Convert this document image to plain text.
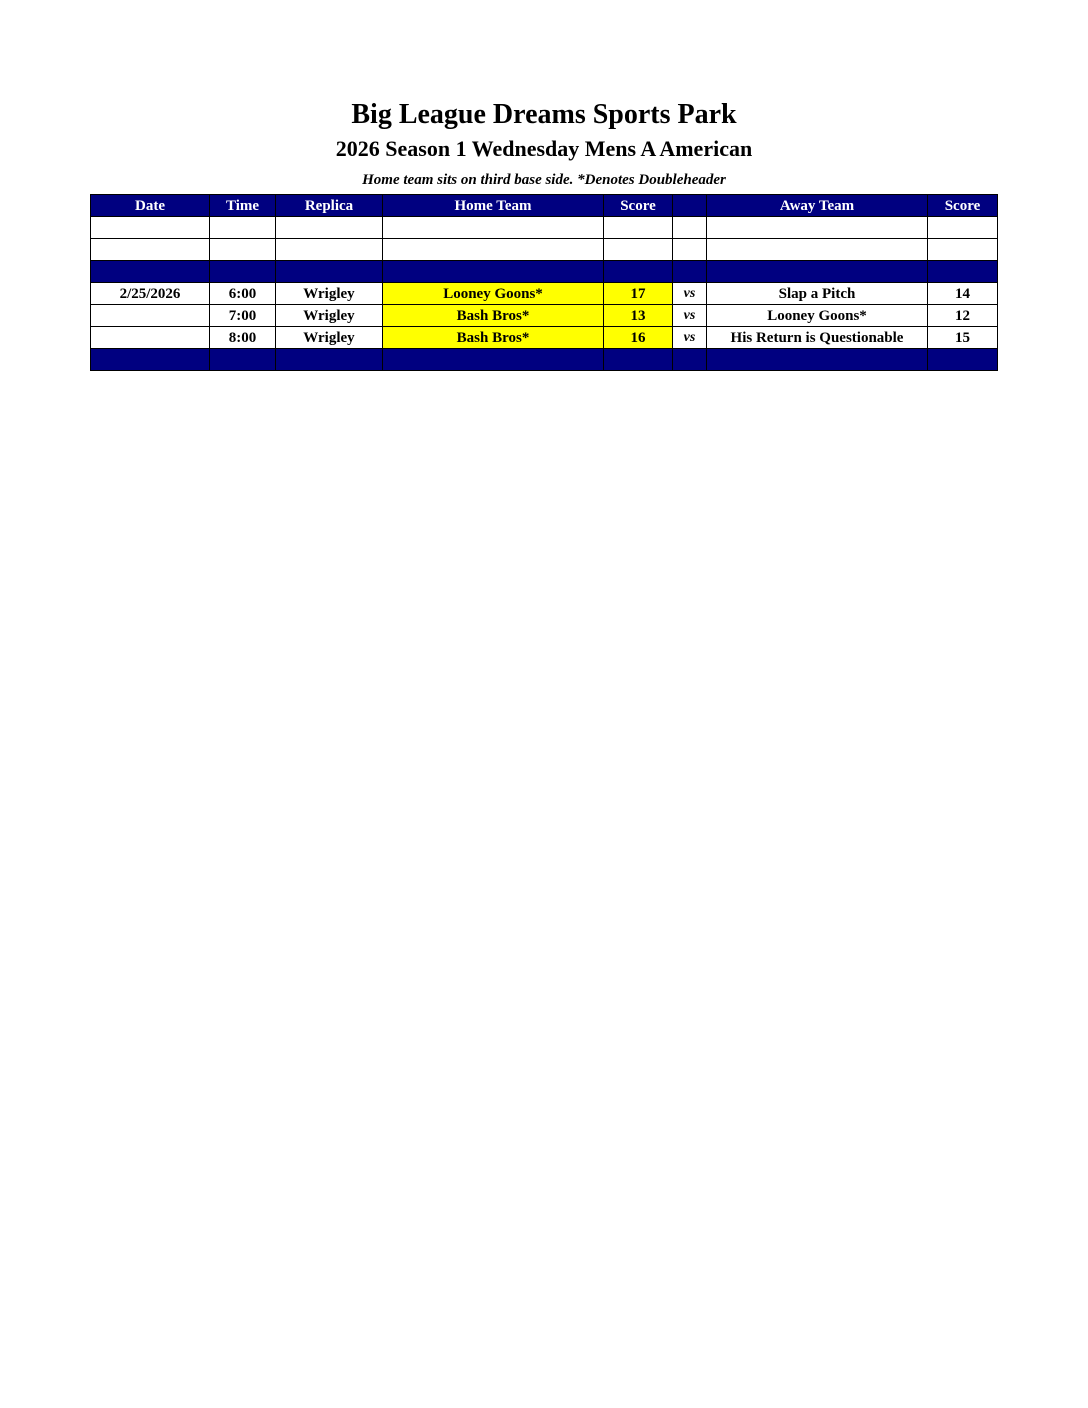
Big League Dreams Sports Park
2026 Season 1 Wednesday Mens A American
Home team sits on third base side. *Denotes Doubleheader
Date	Time	Replica	Home Team	Score		Away Team	Score

2/25/2026	6:00	Wrigley	Looney Goons*	17	vs	Slap a Pitch	14
	7:00	Wrigley	Bash Bros*	13	vs	Looney Goons*	12
	8:00	Wrigley	Bash Bros*	16	vs	His Return is Questionable	15
